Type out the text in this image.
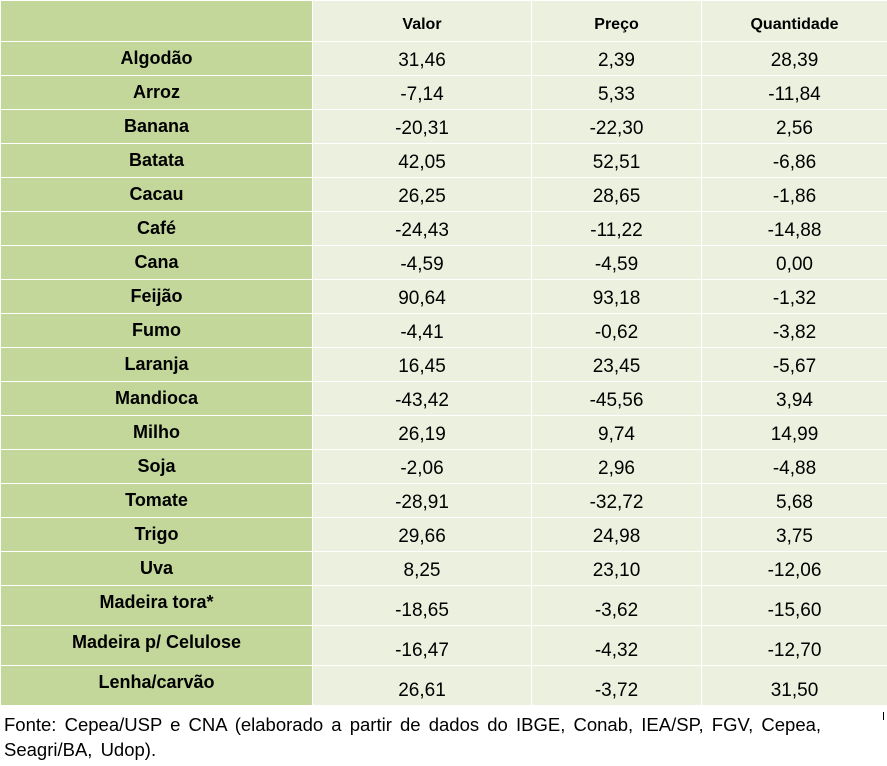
	Valor	Preço	Quantidade
Algodão	31,46	2,39	28,39
Arroz	-7,14	5,33	-11,84
Banana	-20,31	-22,30	2,56
Batata	42,05	52,51	-6,86
Cacau	26,25	28,65	-1,86
Café	-24,43	-11,22	-14,88
Cana	-4,59	-4,59	0,00
Feijão	90,64	93,18	-1,32
Fumo	-4,41	-0,62	-3,82
Laranja	16,45	23,45	-5,67
Mandioca	-43,42	-45,56	3,94
Milho	26,19	9,74	14,99
Soja	-2,06	2,96	-4,88
Tomate	-28,91	-32,72	5,68
Trigo	29,66	24,98	3,75
Uva	8,25	23,10	-12,06
Madeira tora*	-18,65	-3,62	-15,60
Madeira p/ Celulose	-16,47	-4,32	-12,70
Lenha/carvão	26,61	-3,72	31,50
Fonte: Cepea/USP e CNA (elaborado a partir de dados do IBGE, Conab, IEA/SP, FGV, Cepea,
Seagri/BA, Udop).
